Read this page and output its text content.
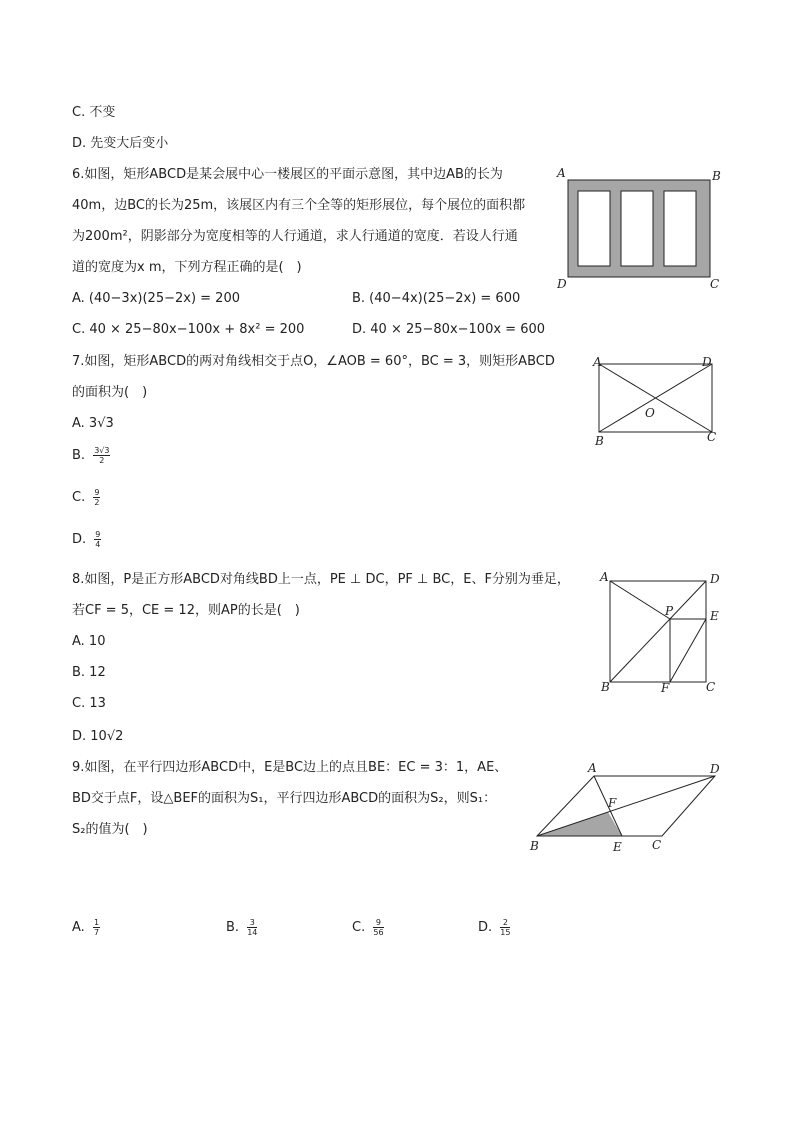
C. 不变
D. 先变大后变小
6.如图，矩形ABCD是某会展中心一楼展区的平面示意图，其中边AB的长为
40m，边BC的长为25m，该展区内有三个全等的矩形展位，每个展位的面积都
为200m²，阴影部分为宽度相等的人行通道，求人行通道的宽度．若设人行通
道的宽度为x m，下列方程正确的是(　)
A. (40−3x)(25−2x) = 200	B. (40−4x)(25−2x) = 600
C. 40 × 25−80x−100x + 8x² = 200	D. 40 × 25−80x−100x = 600
A	B
C
D
7.如图，矩形ABCD的两对角线相交于点O，∠AOB = 60°，BC = 3，则矩形ABCD
的面积为(　)
A. 3√3
B. $\frac{3√3}{2}$
C. $\frac{9}{2}$
D. $\frac{9}{4}$
A	D
B	C
O
8.如图，P是正方形ABCD对角线BD上一点，PE ⊥ DC，PF ⊥ BC，E、F分别为垂足，
若CF = 5，CE = 12，则AP的长是(　)
A. 10
B. 12
C. 13
D. 10√2
A	D
P	E
B	F	C
9.如图，在平行四边形ABCD中，E是BC边上的点且BE：EC = 3：1，AE、
BD交于点F，设△BEF的面积为S₁，平行四边形ABCD的面积为S₂，则S₁：
S₂的值为(　)
A. $\frac{1}{7}$	B. $\frac{3}{14}$	C. $\frac{9}{56}$	D. $\frac{2}{15}$
A	D
F
B	E	C
